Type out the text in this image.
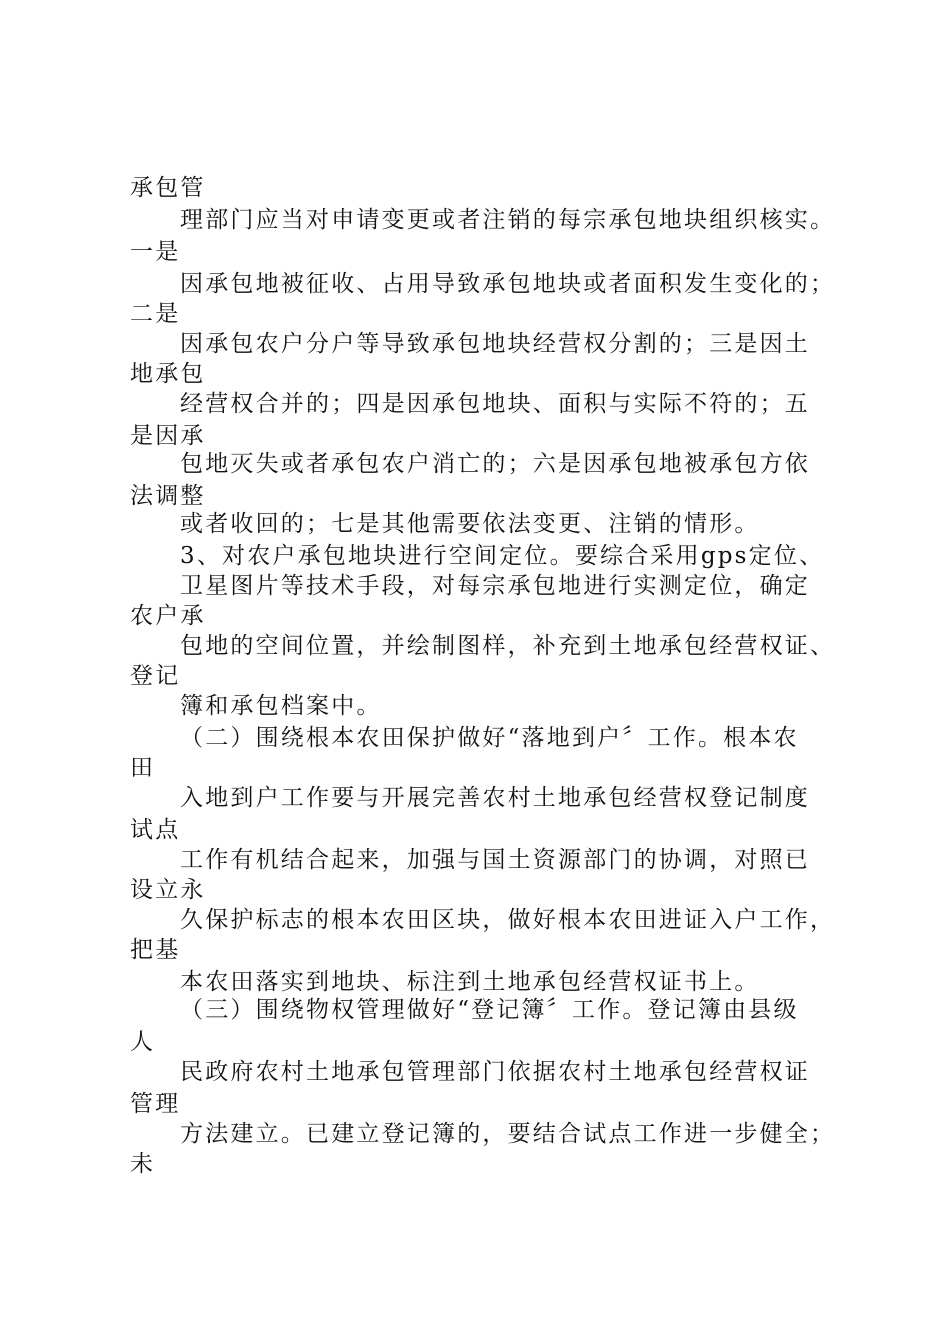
承包管
理部门应当对申请变更或者注销的每宗承包地块组织核实。
一是
因承包地被征收、占用导致承包地块或者面积发生变化的；
二是
因承包农户分户等导致承包地块经营权分割的；三是因土
地承包
经营权合并的；四是因承包地块、面积与实际不符的；五
是因承
包地灭失或者承包农户消亡的；六是因承包地被承包方依
法调整
或者收回的；七是其他需要依法变更、注销的情形。
3、对农户承包地块进行空间定位。要综合采用gps定位、
卫星图片等技术手段，对每宗承包地进行实测定位，确定
农户承
包地的空间位置，并绘制图样，补充到土地承包经营权证、
登记
簿和承包档案中。
（二）围绕根本农田保护做好“落地到户〞工作。根本农
田
入地到户工作要与开展完善农村土地承包经营权登记制度
试点
工作有机结合起来，加强与国土资源部门的协调，对照已
设立永
久保护标志的根本农田区块，做好根本农田进证入户工作，
把基
本农田落实到地块、标注到土地承包经营权证书上。
（三）围绕物权管理做好“登记簿〞工作。登记簿由县级
人
民政府农村土地承包管理部门依据农村土地承包经营权证
管理
方法建立。已建立登记簿的，要结合试点工作进一步健全；
未
